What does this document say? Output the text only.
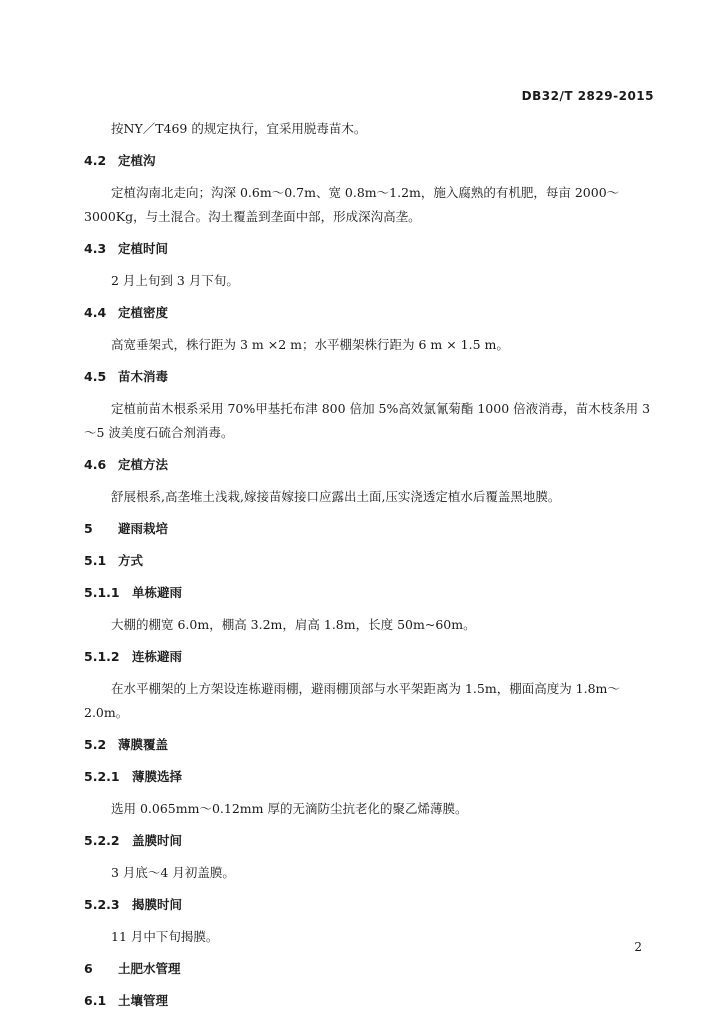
DB32/T 2829-2015

按NY／T469 的规定执行，宜采用脱毒苗木。

4.2 定植沟

定植沟南北走向；沟深 0.6m～0.7m、宽 0.8m～1.2m，施入腐熟的有机肥，每亩 2000～3000Kg，与土混合。沟土覆盖到垄面中部，形成深沟高垄。

4.3 定植时间

2 月上旬到 3 月下旬。

4.4 定植密度

高宽垂架式，株行距为 3 m ×2 m；水平棚架株行距为 6 m × 1.5 m。

4.5 苗木消毒

定植前苗木根系采用 70%甲基托布津 800 倍加 5%高效氯氰菊酯 1000 倍液消毒，苗木枝条用 3～5 波美度石硫合剂消毒。

4.6 定植方法

舒展根系,高垄堆土浅栽,嫁接苗嫁接口应露出土面,压实浇透定植水后覆盖黑地膜。

5	避雨栽培
5.1 方式
5.1.1 单栋避雨

大棚的棚宽 6.0m，棚高 3.2m，肩高 1.8m，长度 50m~60m。

5.1.2 连栋避雨

在水平棚架的上方架设连栋避雨棚，避雨棚顶部与水平架距离为 1.5m，棚面高度为 1.8m～2.0m。

5.2 薄膜覆盖
5.2.1 薄膜选择

选用 0.065mm～0.12mm 厚的无滴防尘抗老化的聚乙烯薄膜。

5.2.2 盖膜时间

3 月底～4 月初盖膜。

5.2.3 揭膜时间

11 月中下旬揭膜。

6	土肥水管理
6.1 土壤管理
2
